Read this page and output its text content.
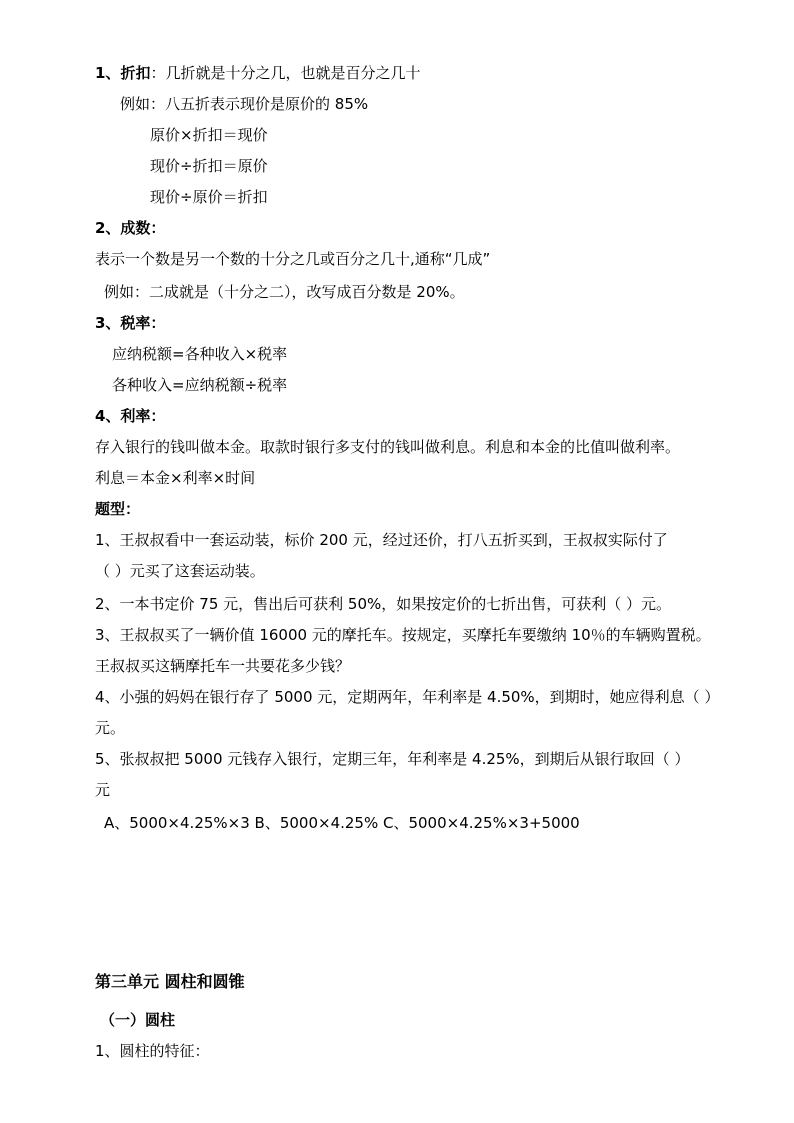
1、折扣：几折就是十分之几，也就是百分之几十
例如：八五折表示现价是原价的 85%
原价×折扣＝现价
现价÷折扣＝原价
现价÷原价＝折扣
2、成数：
表示一个数是另一个数的十分之几或百分之几十,通称“几成”
例如：二成就是（十分之二），改写成百分数是 20%。
3、税率：
应纳税额=各种收入×税率
各种收入=应纳税额÷税率
4、利率：
存入银行的钱叫做本金。取款时银行多支付的钱叫做利息。利息和本金的比值叫做利率。
利息＝本金×利率×时间
题型：
1、王叔叔看中一套运动装，标价 200 元，经过还价，打八五折买到，王叔叔实际付了
（ ）元买了这套运动装。
2、一本书定价 75 元，售出后可获利 50%，如果按定价的七折出售，可获利（ ）元。
3、王叔叔买了一辆价值 16000 元的摩托车。按规定，买摩托车要缴纳 10％的车辆购置税。
王叔叔买这辆摩托车一共要花多少钱？
4、小强的妈妈在银行存了 5000 元，定期两年，年利率是 4.50%，到期时，她应得利息（ ）
元。
5、张叔叔把 5000 元钱存入银行，定期三年，年利率是 4.25%，到期后从银行取回（ ）
元
A、5000×4.25%×3 B、5000×4.25% C、5000×4.25%×3+5000
第三单元 圆柱和圆锥
（一）圆柱
1、圆柱的特征：
